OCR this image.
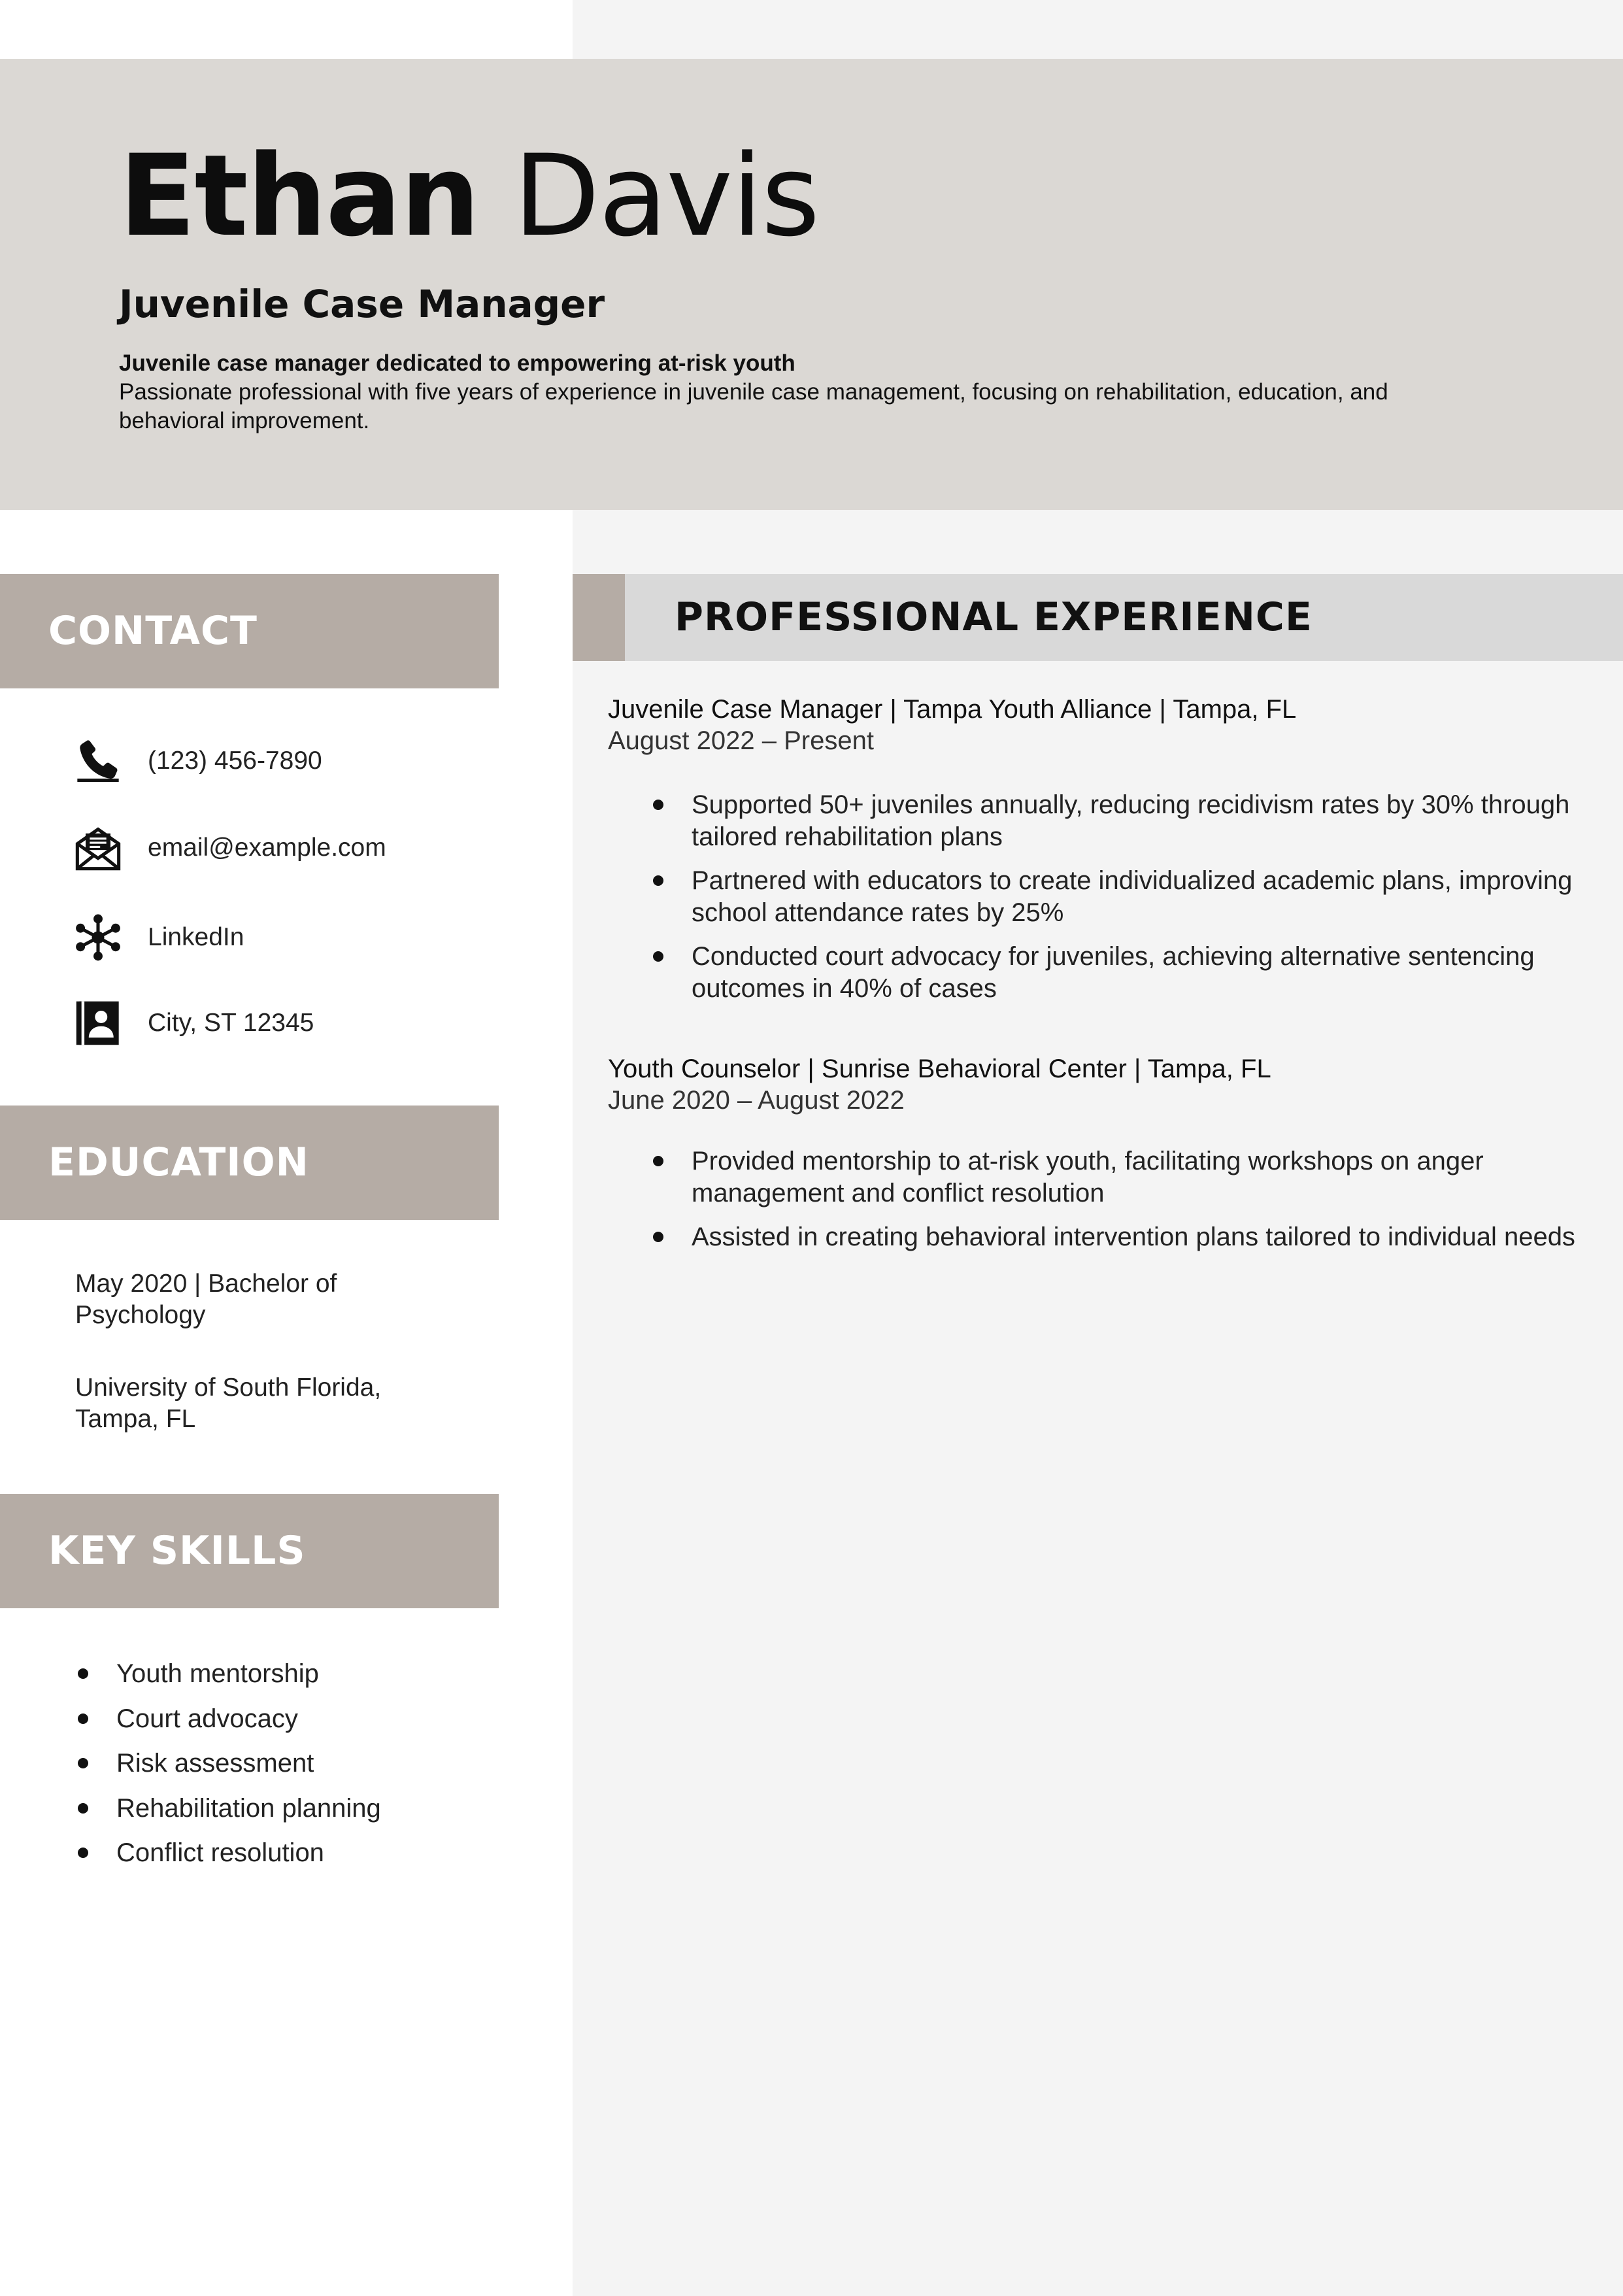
Ethan Davis
Juvenile Case Manager
Juvenile case manager dedicated to empowering at-risk youth
Passionate professional with five years of experience in juvenile case management, focusing on rehabilitation, education, and behavioral improvement.
CONTACT
(123) 456-7890
email@example.com
LinkedIn
City, ST 12345
EDUCATION
May 2020 | Bachelor of Psychology
University of South Florida, Tampa, FL
KEY SKILLS
Youth mentorship
Court advocacy
Risk assessment
Rehabilitation planning
Conflict resolution
PROFESSIONAL EXPERIENCE
Juvenile Case Manager | Tampa Youth Alliance | Tampa, FL
August 2022 – Present
Supported 50+ juveniles annually, reducing recidivism rates by 30% through tailored rehabilitation plans
Partnered with educators to create individualized academic plans, improving school attendance rates by 25%
Conducted court advocacy for juveniles, achieving alternative sentencing outcomes in 40% of cases
Youth Counselor | Sunrise Behavioral Center | Tampa, FL
June 2020 – August 2022
Provided mentorship to at-risk youth, facilitating workshops on anger management and conflict resolution
Assisted in creating behavioral intervention plans tailored to individual needs
